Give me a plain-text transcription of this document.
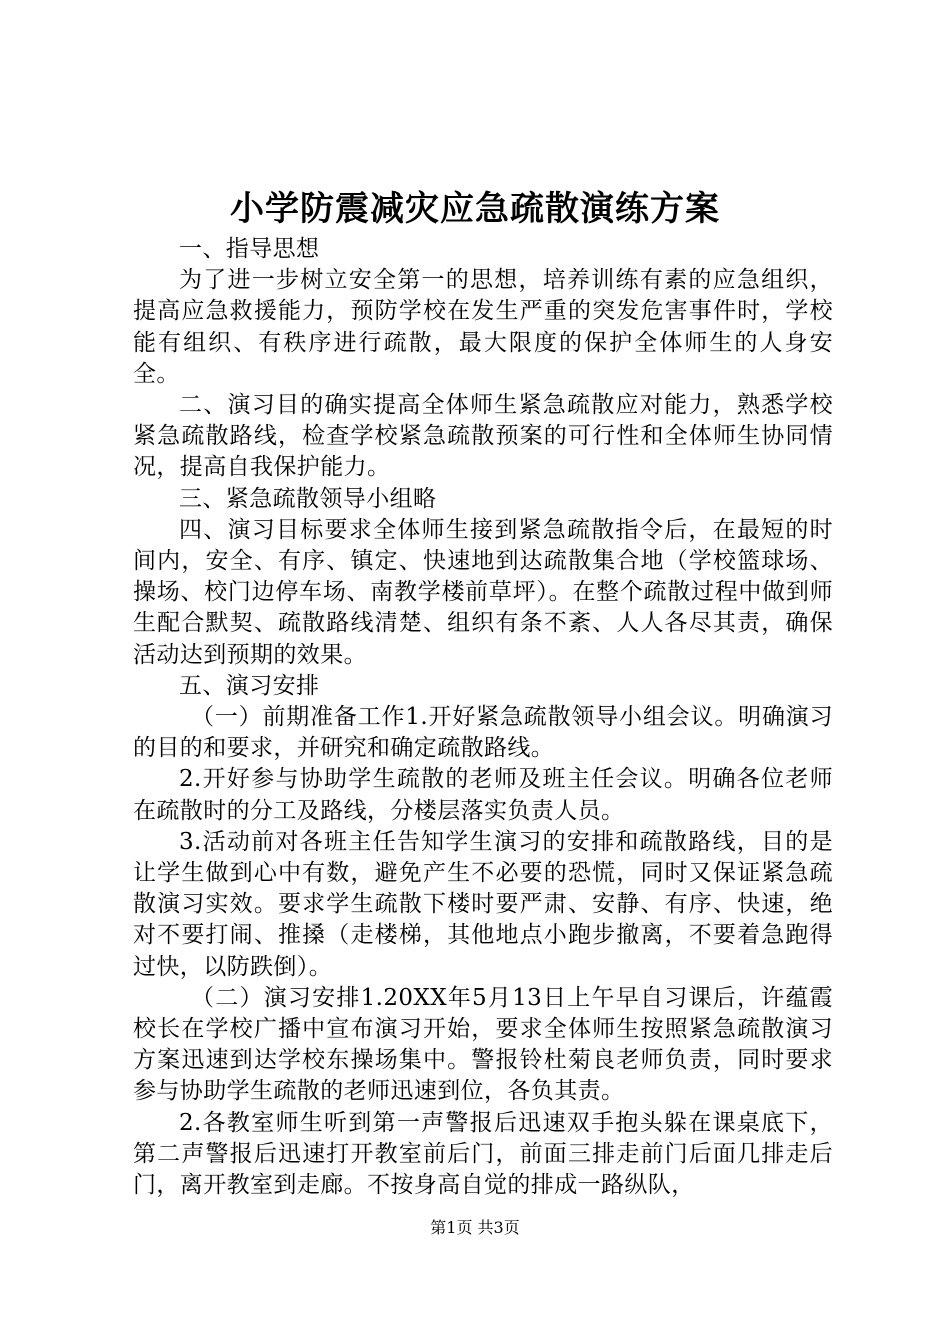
小学防震减灾应急疏散演练方案

一、指导思想

为了进一步树立安全第一的思想，培养训练有素的应急组织，提高应急救援能力，预防学校在发生严重的突发危害事件时，学校能有组织、有秩序进行疏散，最大限度的保护全体师生的人身安全。

二、演习目的确实提高全体师生紧急疏散应对能力，熟悉学校紧急疏散路线，检查学校紧急疏散预案的可行性和全体师生协同情况，提高自我保护能力。

三、紧急疏散领导小组略

四、演习目标要求全体师生接到紧急疏散指令后，在最短的时间内，安全、有序、镇定、快速地到达疏散集合地（学校篮球场、操场、校门边停车场、南教学楼前草坪）。在整个疏散过程中做到师生配合默契、疏散路线清楚、组织有条不紊、人人各尽其责，确保活动达到预期的效果。

五、演习安排

（一）前期准备工作1.开好紧急疏散领导小组会议。明确演习的目的和要求，并研究和确定疏散路线。

2.开好参与协助学生疏散的老师及班主任会议。明确各位老师在疏散时的分工及路线，分楼层落实负责人员。

3.活动前对各班主任告知学生演习的安排和疏散路线，目的是让学生做到心中有数，避免产生不必要的恐慌，同时又保证紧急疏散演习实效。要求学生疏散下楼时要严肃、安静、有序、快速，绝对不要打闹、推搡（走楼梯，其他地点小跑步撤离，不要着急跑得过快，以防跌倒）。

（二）演习安排1.20XX年5月13日上午早自习课后，许蕴霞校长在学校广播中宣布演习开始，要求全体师生按照紧急疏散演习方案迅速到达学校东操场集中。警报铃杜菊良老师负责，同时要求参与协助学生疏散的老师迅速到位，各负其责。

2.各教室师生听到第一声警报后迅速双手抱头躲在课桌底下，第二声警报后迅速打开教室前后门，前面三排走前门后面几排走后门，离开教室到走廊。不按身高自觉的排成一路纵队，

第1页 共3页
